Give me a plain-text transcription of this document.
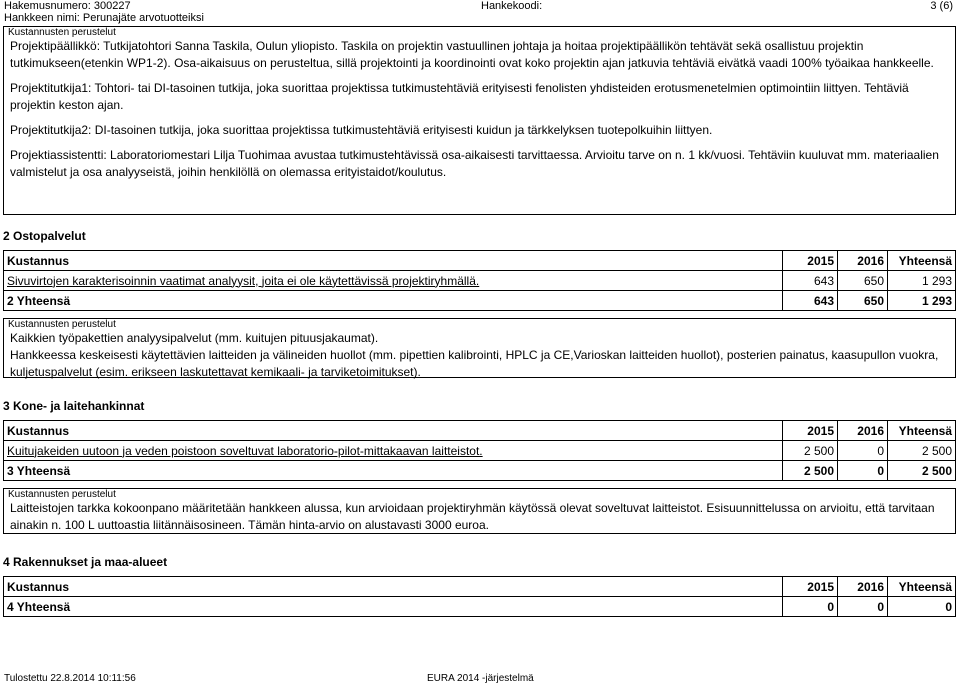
Hakemusnumero: 300227
Hankkeen nimi: Perunajäte arvotuotteiksi
Hankekoodi:	3 (6)
Kustannusten perustelut

Projektipäällikkö: Tutkijatohtori Sanna Taskila, Oulun yliopisto. Taskila on projektin vastuullinen johtaja ja hoitaa projektipäällikön tehtävät sekä osallistuu projektin tutkimukseen(etenkin WP1-2). Osa-aikaisuus on perusteltua, sillä projektointi ja koordinointi ovat koko projektin ajan jatkuvia tehtäviä eivätkä vaadi 100% työaikaa hankkeelle.

Projektitutkija1: Tohtori- tai DI-tasoinen tutkija, joka suorittaa projektissa tutkimustehtäviä erityisesti fenolisten yhdisteiden erotusmenetelmien optimointiin liittyen. Tehtäviä projektin keston ajan.

Projektitutkija2: DI-tasoinen tutkija, joka suorittaa projektissa tutkimustehtäviä erityisesti kuidun ja tärkkelyksen tuotepolkuihin liittyen.

Projektiassistentti: Laboratoriomestari Lilja Tuohimaa avustaa tutkimustehtävissä osa-aikaisesti tarvittaessa. Arvioitu tarve on n. 1 kk/vuosi. Tehtäviin kuuluvat mm. materiaalien valmistelut ja osa analyyseistä, joihin henkilöllä on olemassa erityistaidot/koulutus.

2 Ostopalvelut
Kustannus	2015	2016	Yhteensä
Sivuvirtojen karakterisoinnin vaatimat analyysit, joita ei ole käytettävissä projektiryhmällä.	643	650	1 293
2 Yhteensä	643	650	1 293
Kustannusten perustelut

Kaikkien työpakettien analyysipalvelut (mm. kuitujen pituusjakaumat).

Hankkeessa keskeisesti käytettävien laitteiden ja välineiden huollot (mm. pipettien kalibrointi, HPLC ja CE,Varioskan laitteiden huollot), posterien painatus, kaasupullon vuokra, kuljetuspalvelut (esim. erikseen laskutettavat kemikaali- ja tarviketoimitukset).

3 Kone- ja laitehankinnat
Kustannus	2015	2016	Yhteensä
Kuitujakeiden uutoon ja veden poistoon soveltuvat laboratorio-pilot-mittakaavan laitteistot.	2 500	0	2 500
3 Yhteensä	2 500	0	2 500
Kustannusten perustelut

Laitteistojen tarkka kokoonpano määritetään hankkeen alussa, kun arvioidaan projektiryhmän käytössä olevat soveltuvat laitteistot. Esisuunnittelussa on arvioitu, että tarvitaan ainakin n. 100 L uuttoastia liitännäisosineen. Tämän hinta-arvio on alustavasti 3000 euroa.

4 Rakennukset ja maa-alueet
Kustannus	2015	2016	Yhteensä
4 Yhteensä	0	0	0
Tulostettu 22.8.2014 10:11:56	EURA 2014 -järjestelmä
